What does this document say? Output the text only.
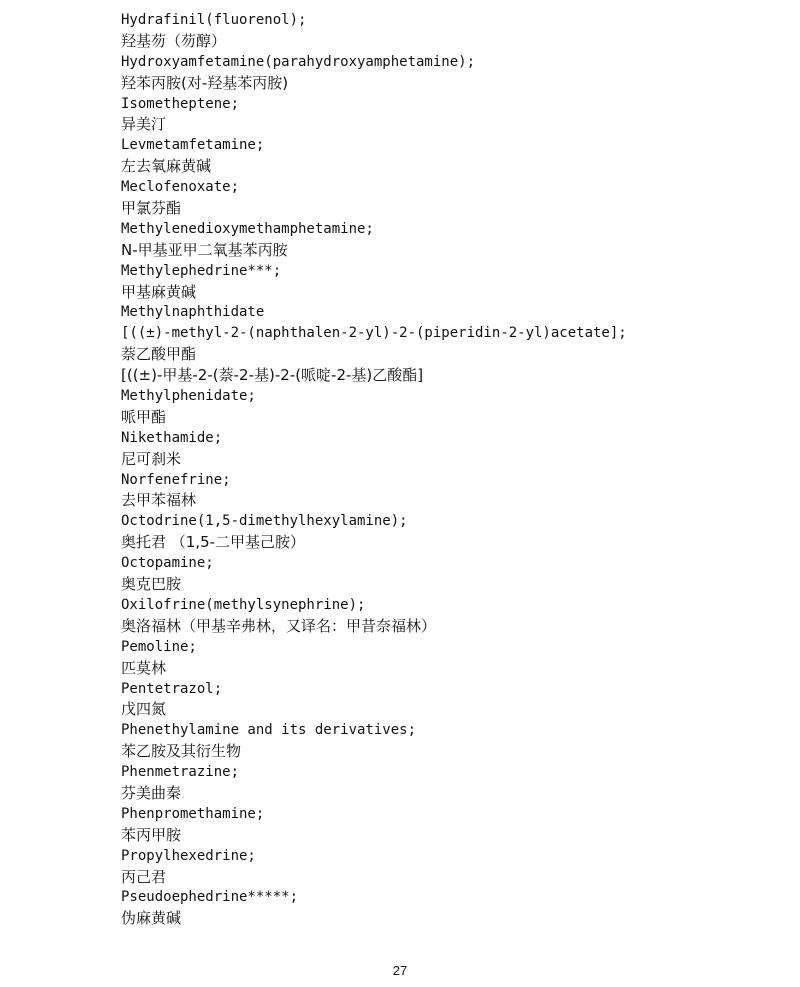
Hydrafinil(fluorenol);
羟基芴（芴醇）
Hydroxyamfetamine(parahydroxyamphetamine);
羟苯丙胺(对-羟基苯丙胺)
Isometheptene;
异美汀
Levmetamfetamine;
左去氧麻黄碱
Meclofenoxate;
甲氯芬酯
Methylenedioxymethamphetamine;
N-甲基亚甲二氧基苯丙胺
Methylephedrine***;
甲基麻黄碱
Methylnaphthidate
[((±)-methyl-2-(naphthalen-2-yl)-2-(piperidin-2-yl)acetate];
萘乙酸甲酯
[((±)-甲基-2-(萘-2-基)-2-(哌啶-2-基)乙酸酯]
Methylphenidate;
哌甲酯
Nikethamide;
尼可刹米
Norfenefrine;
去甲苯福林
Octodrine(1,5-dimethylhexylamine);
奥托君 （1,5-二甲基己胺）
Octopamine;
奥克巴胺
Oxilofrine(methylsynephrine);
奥洛福林（甲基辛弗林，又译名：甲昔奈福林）
Pemoline;
匹莫林
Pentetrazol;
戊四氮
Phenethylamine and its derivatives;
苯乙胺及其衍生物
Phenmetrazine;
芬美曲秦
Phenpromethamine;
苯丙甲胺
Propylhexedrine;
丙己君
Pseudoephedrine*****;
伪麻黄碱
27
